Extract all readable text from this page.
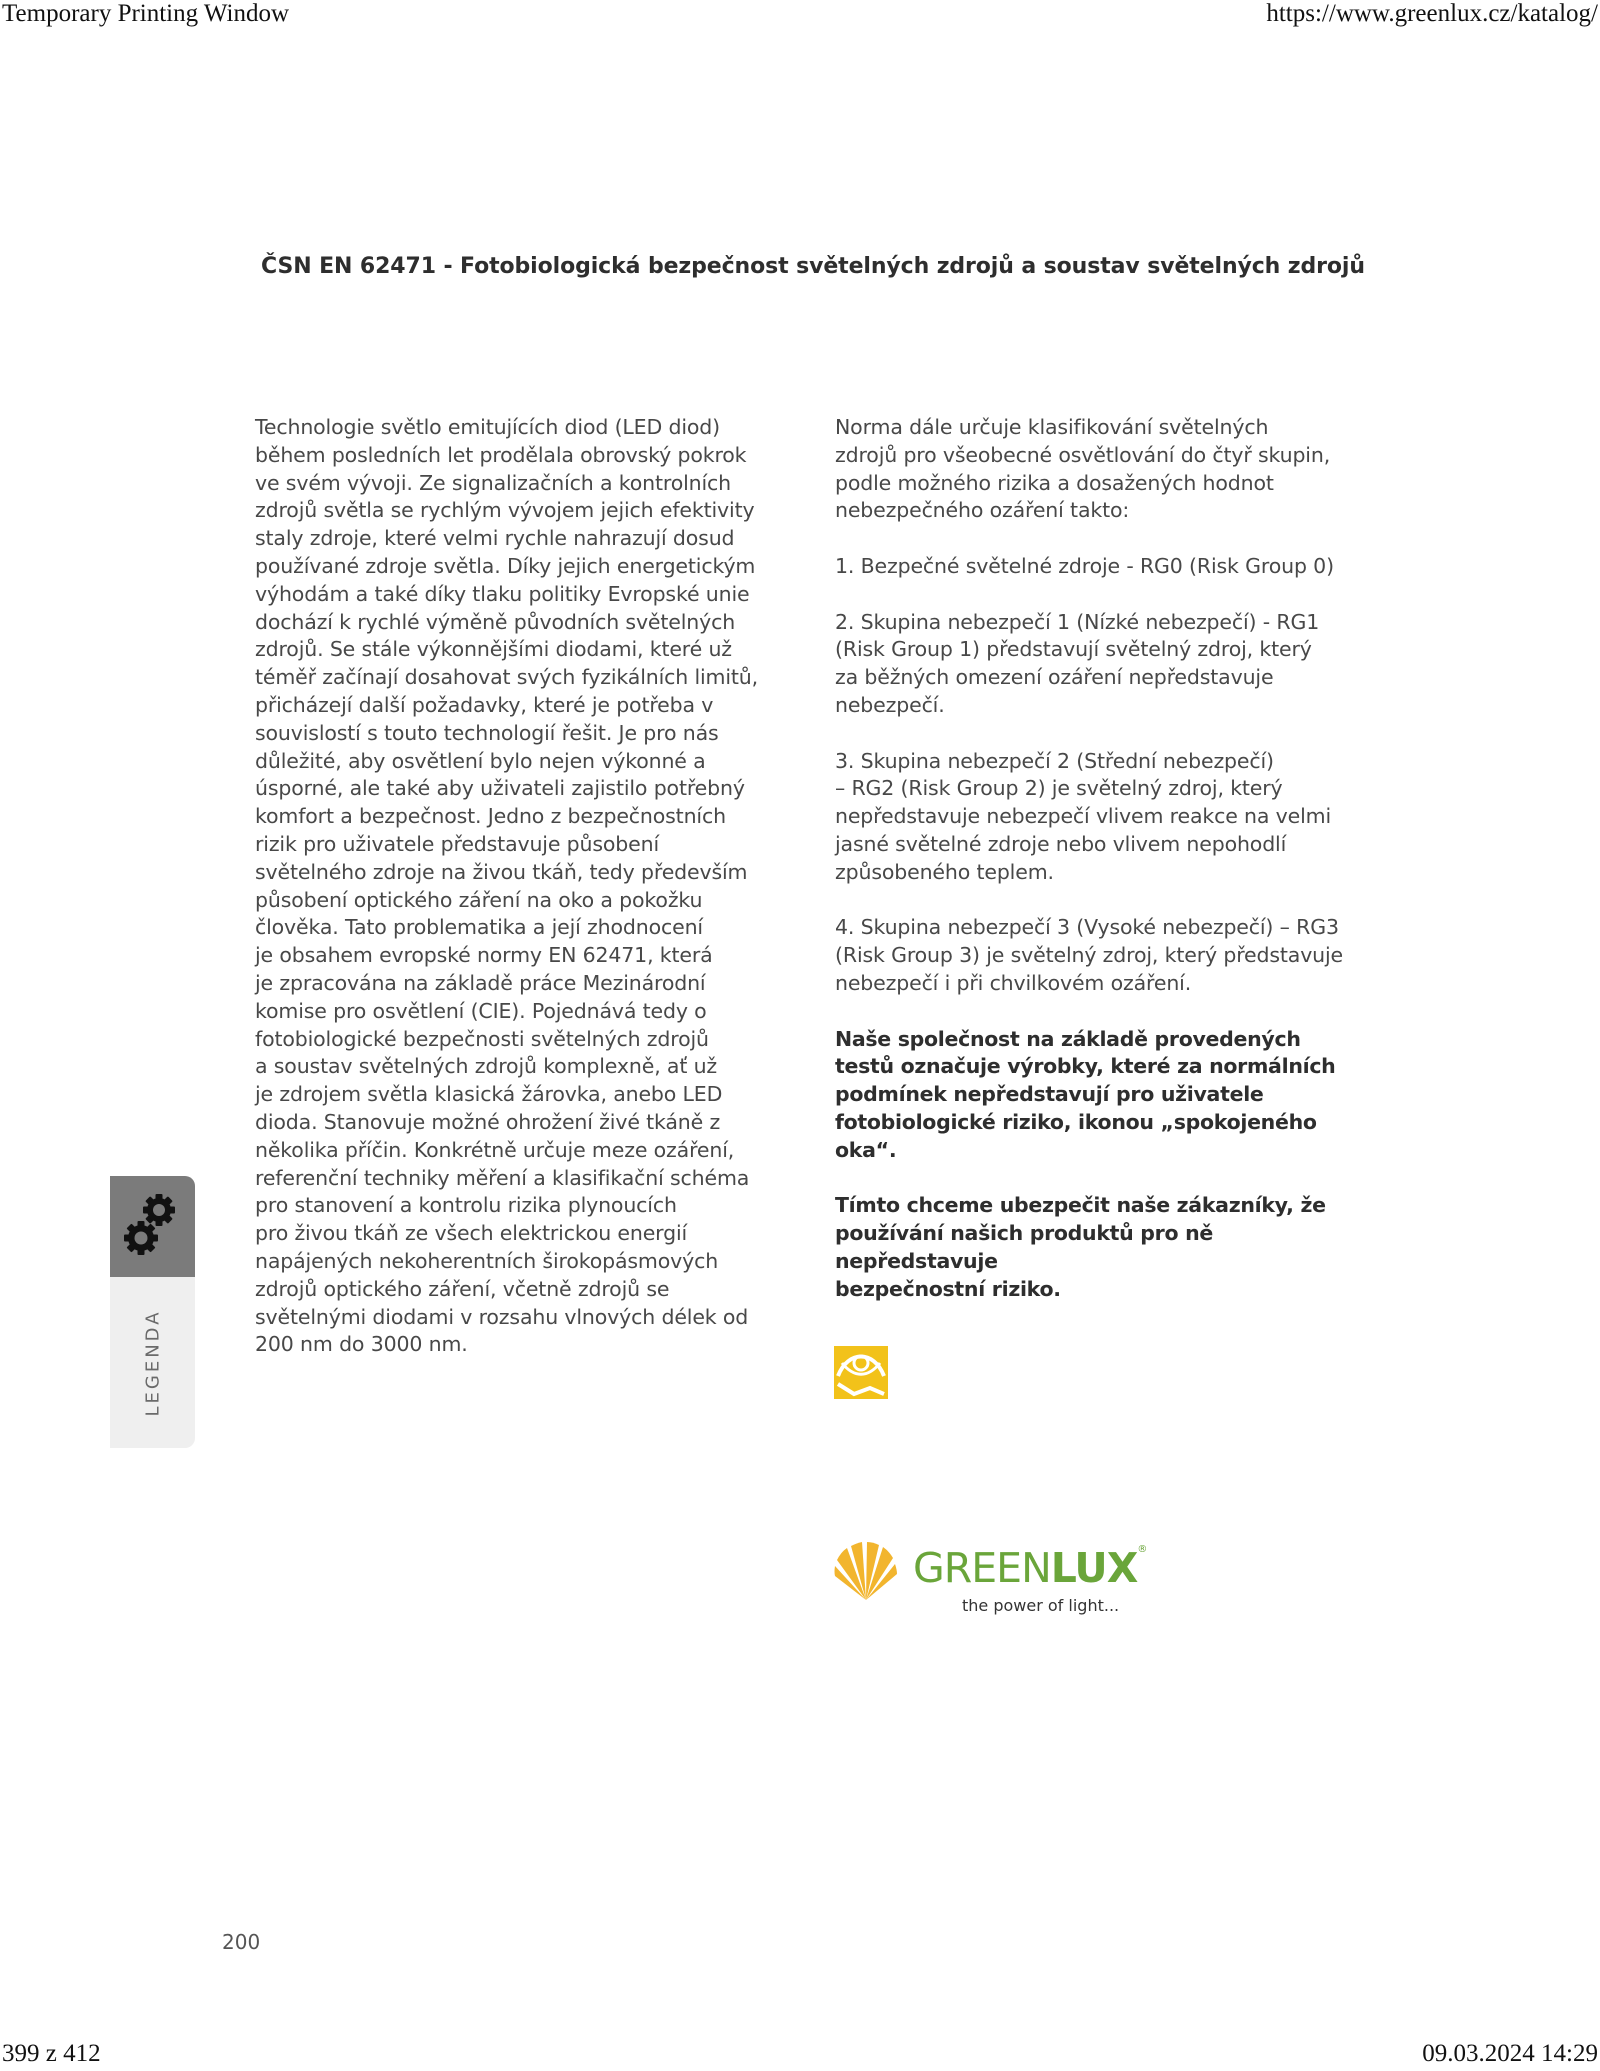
Temporary Printing Window	https://www.greenlux.cz/katalog/
ČSN EN 62471 - Fotobiologická bezpečnost světelných zdrojů a soustav světelných zdrojů

Technologie světlo emitujících diod (LED diod)
během posledních let prodělala obrovský pokrok
ve svém vývoji. Ze signalizačních a kontrolních
zdrojů světla se rychlým vývojem jejich efektivity
staly zdroje, které velmi rychle nahrazují dosud
používané zdroje světla. Díky jejich energetickým
výhodám a také díky tlaku politiky Evropské unie
dochází k rychlé výměně původních světelných
zdrojů. Se stále výkonnějšími diodami, které už
téměř začínají dosahovat svých fyzikálních limitů,
přicházejí další požadavky, které je potřeba v
souvislostí s touto technologií řešit. Je pro nás
důležité, aby osvětlení bylo nejen výkonné a
úsporné, ale také aby uživateli zajistilo potřebný
komfort a bezpečnost. Jedno z bezpečnostních
rizik pro uživatele představuje působení
světelného zdroje na živou tkáň, tedy především
působení optického záření na oko a pokožku
člověka. Tato problematika a její zhodnocení
je obsahem evropské normy EN 62471, která
je zpracována na základě práce Mezinárodní
komise pro osvětlení (CIE). Pojednává tedy o
fotobiologické bezpečnosti světelných zdrojů
a soustav světelných zdrojů komplexně, ať už
je zdrojem světla klasická žárovka, anebo LED
dioda. Stanovuje možné ohrožení živé tkáně z
několika příčin. Konkrétně určuje meze ozáření,
referenční techniky měření a klasifikační schéma
pro stanovení a kontrolu rizika plynoucích
pro živou tkáň ze všech elektrickou energií
napájených nekoherentních širokopásmových
zdrojů optického záření, včetně zdrojů se
světelnými diodami v rozsahu vlnových délek od
200 nm do 3000 nm.

Norma dále určuje klasifikování světelných
zdrojů pro všeobecné osvětlování do čtyř skupin,
podle možného rizika a dosažených hodnot
nebezpečného ozáření takto:

1. Bezpečné světelné zdroje - RG0 (Risk Group 0)

2. Skupina nebezpečí 1 (Nízké nebezpečí) - RG1
(Risk Group 1) představují světelný zdroj, který
za běžných omezení ozáření nepředstavuje
nebezpečí.

3. Skupina nebezpečí 2 (Střední nebezpečí)
– RG2 (Risk Group 2) je světelný zdroj, který
nepředstavuje nebezpečí vlivem reakce na velmi
jasné světelné zdroje nebo vlivem nepohodlí
způsobeného teplem.

4. Skupina nebezpečí 3 (Vysoké nebezpečí) – RG3
(Risk Group 3) je světelný zdroj, který představuje
nebezpečí i při chvilkovém ozáření.

Naše společnost na základě provedených
testů označuje výrobky, které za normálních
podmínek nepředstavují pro uživatele
fotobiologické riziko, ikonou „spokojeného oka“.

Tímto chceme ubezpečit naše zákazníky, že
používání našich produktů pro ně nepředstavuje
bezpečnostní riziko.

LEGENDA
GREENLUX®
the power of light...
200
399 z 412	09.03.2024 14:29
